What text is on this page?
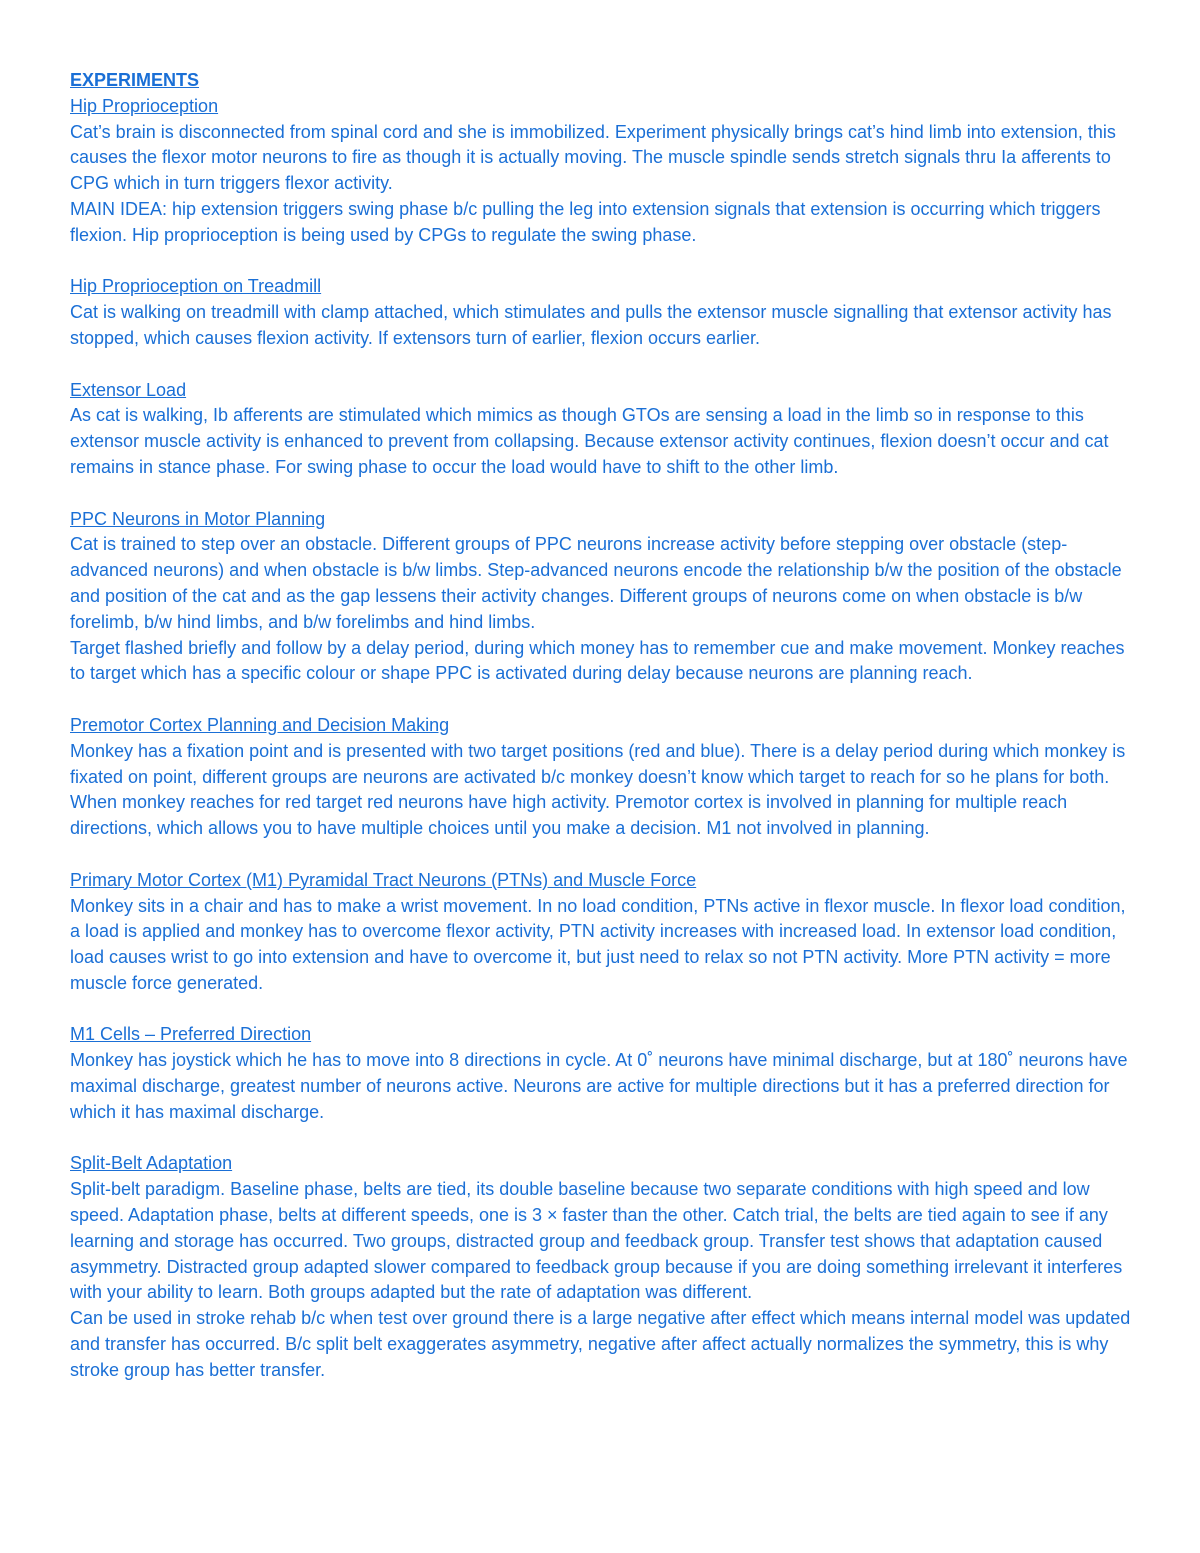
EXPERIMENTS
Hip Proprioception
Cat’s brain is disconnected from spinal cord and she is immobilized. Experiment physically brings cat’s hind limb into extension, this causes the flexor motor neurons to fire as though it is actually moving. The muscle spindle sends stretch signals thru Ia afferents to CPG which in turn triggers flexor activity.
MAIN IDEA: hip extension triggers swing phase b/c pulling the leg into extension signals that extension is occurring which triggers flexion. Hip proprioception is being used by CPGs to regulate the swing phase.
Hip Proprioception on Treadmill
Cat is walking on treadmill with clamp attached, which stimulates and pulls the extensor muscle signalling that extensor activity has stopped, which causes flexion activity. If extensors turn of earlier, flexion occurs earlier.
Extensor Load
As cat is walking, Ib afferents are stimulated which mimics as though GTOs are sensing a load in the limb so in response to this extensor muscle activity is enhanced to prevent from collapsing. Because extensor activity continues, flexion doesn’t occur and cat remains in stance phase. For swing phase to occur the load would have to shift to the other limb.
PPC Neurons in Motor Planning
Cat is trained to step over an obstacle. Different groups of PPC neurons increase activity before stepping over obstacle (step-advanced neurons) and when obstacle is b/w limbs. Step-advanced neurons encode the relationship b/w the position of the obstacle and position of the cat and as the gap lessens their activity changes. Different groups of neurons come on when obstacle is b/w forelimb, b/w hind limbs, and b/w forelimbs and hind limbs.
Target flashed briefly and follow by a delay period, during which money has to remember cue and make movement. Monkey reaches to target which has a specific colour or shape PPC is activated during delay because neurons are planning reach.
Premotor Cortex Planning and Decision Making
Monkey has a fixation point and is presented with two target positions (red and blue). There is a delay period during which monkey is fixated on point, different groups are neurons are activated b/c monkey doesn’t know which target to reach for so he plans for both. When monkey reaches for red target red neurons have high activity. Premotor cortex is involved in planning for multiple reach directions, which allows you to have multiple choices until you make a decision. M1 not involved in planning.
Primary Motor Cortex (M1) Pyramidal Tract Neurons (PTNs) and Muscle Force
Monkey sits in a chair and has to make a wrist movement. In no load condition, PTNs active in flexor muscle. In flexor load condition, a load is applied and monkey has to overcome flexor activity, PTN activity increases with increased load. In extensor load condition, load causes wrist to go into extension and have to overcome it, but just need to relax so not PTN activity. More PTN activity = more muscle force generated.
M1 Cells – Preferred Direction
Monkey has joystick which he has to move into 8 directions in cycle. At 0˚ neurons have minimal discharge, but at 180˚ neurons have maximal discharge, greatest number of neurons active. Neurons are active for multiple directions but it has a preferred direction for which it has maximal discharge.
Split-Belt Adaptation
Split-belt paradigm. Baseline phase, belts are tied, its double baseline because two separate conditions with high speed and low speed. Adaptation phase, belts at different speeds, one is 3 × faster than the other. Catch trial, the belts are tied again to see if any learning and storage has occurred. Two groups, distracted group and feedback group. Transfer test shows that adaptation caused asymmetry. Distracted group adapted slower compared to feedback group because if you are doing something irrelevant it interferes with your ability to learn. Both groups adapted but the rate of adaptation was different.
Can be used in stroke rehab b/c when test over ground there is a large negative after effect which means internal model was updated and transfer has occurred. B/c split belt exaggerates asymmetry, negative after affect actually normalizes the symmetry, this is why stroke group has better transfer.
